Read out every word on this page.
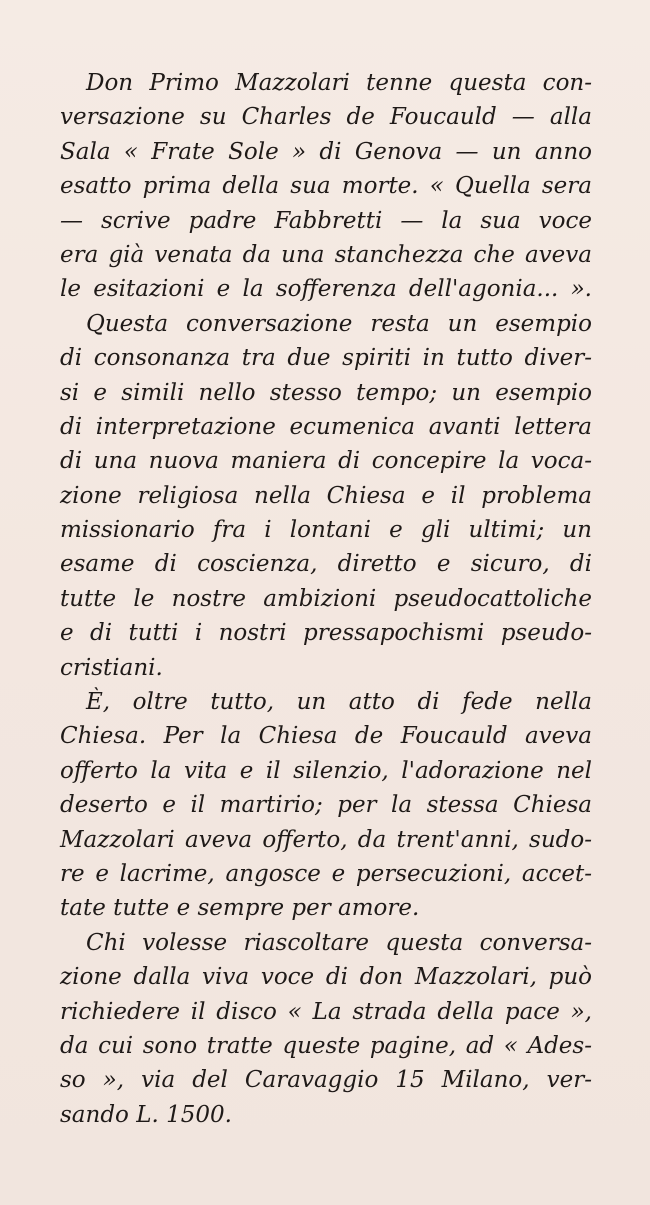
Don Primo Mazzolari tenne questa con-
versazione su Charles de Foucauld — alla
Sala « Frate Sole » di Genova — un anno
esatto prima della sua morte. « Quella sera
— scrive padre Fabbretti — la sua voce
era già venata da una stanchezza che aveva
le esitazioni e la sofferenza dell'agonia... ».
Questa conversazione resta un esempio
di consonanza tra due spiriti in tutto diver-
si e simili nello stesso tempo; un esempio
di interpretazione ecumenica avanti lettera
di una nuova maniera di concepire la voca-
zione religiosa nella Chiesa e il problema
missionario fra i lontani e gli ultimi; un
esame di coscienza, diretto e sicuro, di
tutte le nostre ambizioni pseudocattoliche
e di tutti i nostri pressapochismi pseudo-
cristiani.
È, oltre tutto, un atto di fede nella
Chiesa. Per la Chiesa de Foucauld aveva
offerto la vita e il silenzio, l'adorazione nel
deserto e il martirio; per la stessa Chiesa
Mazzolari aveva offerto, da trent'anni, sudo-
re e lacrime, angosce e persecuzioni, accet-
tate tutte e sempre per amore.
Chi volesse riascoltare questa conversa-
zione dalla viva voce di don Mazzolari, può
richiedere il disco « La strada della pace »,
da cui sono tratte queste pagine, ad « Ades-
so », via del Caravaggio 15 Milano, ver-
sando L. 1500.
